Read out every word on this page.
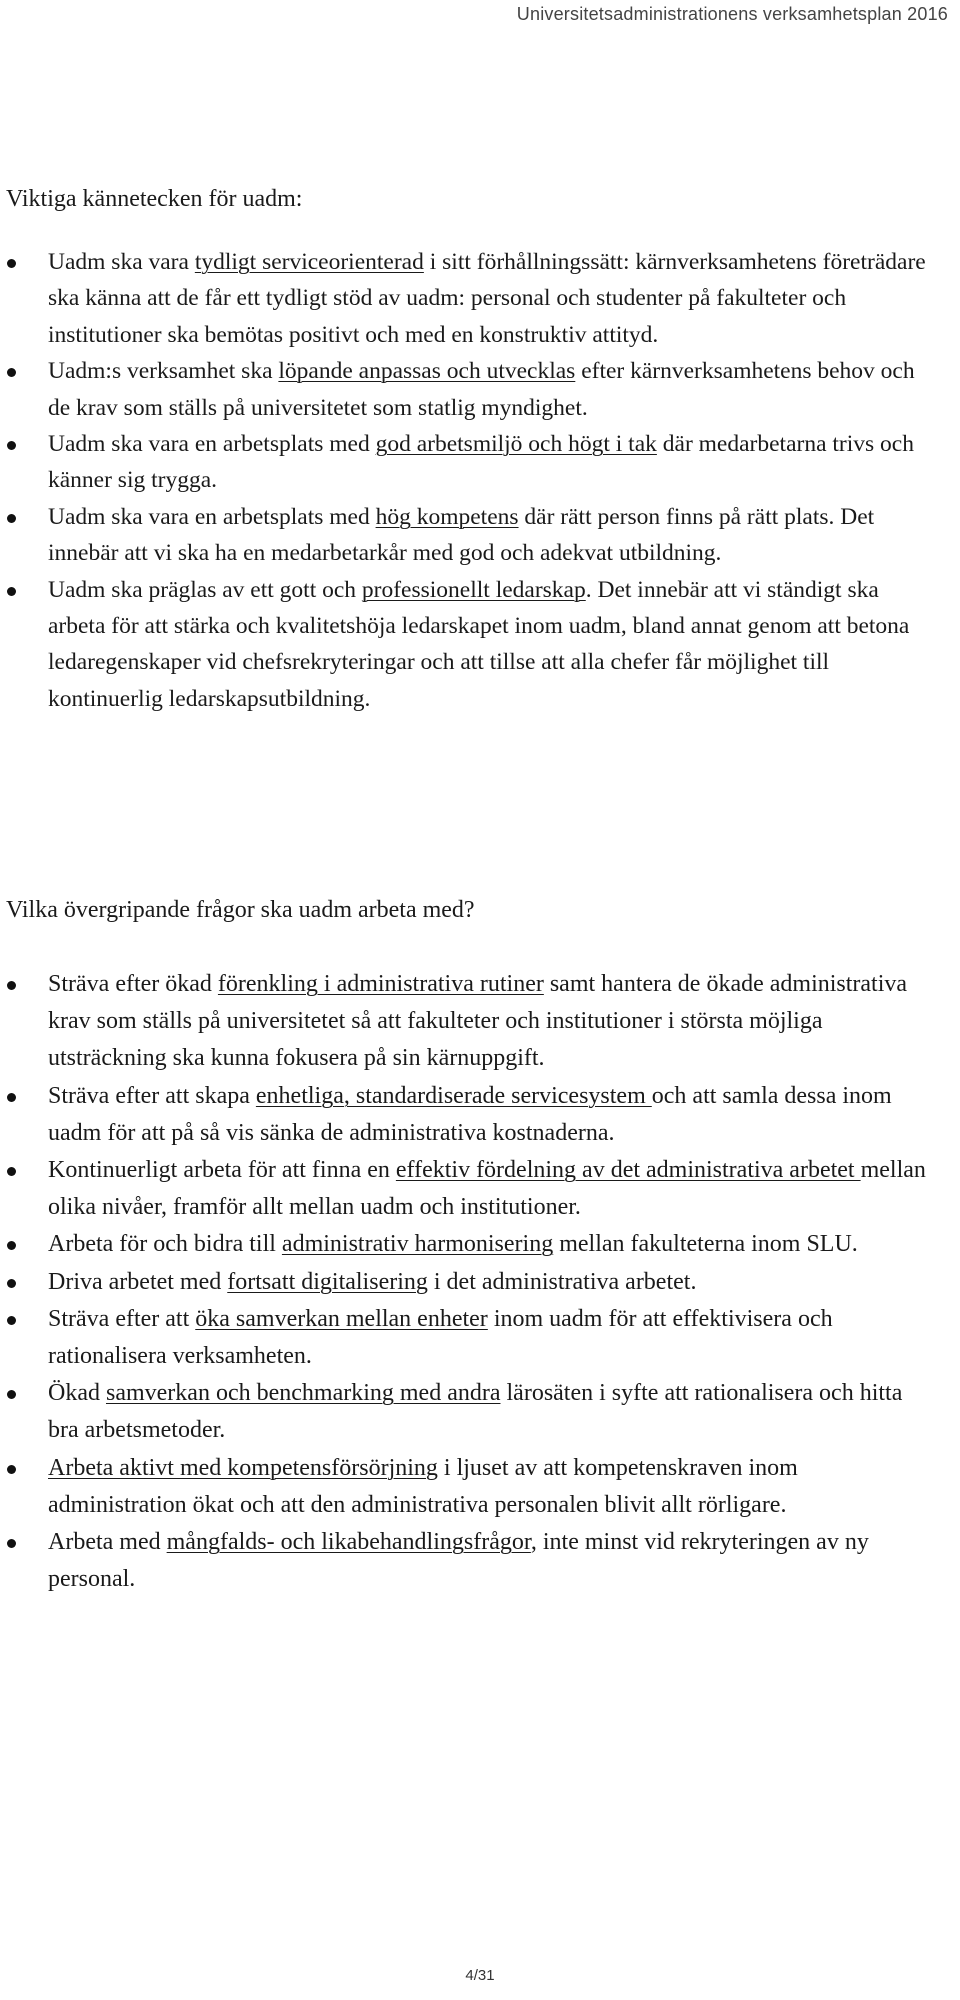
Universitetsadministrationens verksamhetsplan 2016
Viktiga kännetecken för uadm:
Uadm ska vara tydligt serviceorienterad i sitt förhållningssätt: kärnverksamhetens företrädare ska känna att de får ett tydligt stöd av uadm: personal och studenter på fakulteter och institutioner ska bemötas positivt och med en konstruktiv attityd.
Uadm:s verksamhet ska löpande anpassas och utvecklas efter kärnverksamhetens behov och de krav som ställs på universitetet som statlig myndighet.
Uadm ska vara en arbetsplats med god arbetsmiljö och högt i tak där medarbetarna trivs och känner sig trygga.
Uadm ska vara en arbetsplats med hög kompetens där rätt person finns på rätt plats. Det innebär att vi ska ha en medarbetarkår med god och adekvat utbildning.
Uadm ska präglas av ett gott och professionellt ledarskap. Det innebär att vi ständigt ska arbeta för att stärka och kvalitetshöja ledarskapet inom uadm, bland annat genom att betona ledaregenskaper vid chefsrekryteringar och att tillse att alla chefer får möjlighet till kontinuerlig ledarskapsutbildning.
Vilka övergripande frågor ska uadm arbeta med?
Sträva efter ökad förenkling i administrativa rutiner samt hantera de ökade administrativa krav som ställs på universitetet så att fakulteter och institutioner i största möjliga utsträckning ska kunna fokusera på sin kärnuppgift.
Sträva efter att skapa enhetliga, standardiserade servicesystem och att samla dessa inom uadm för att på så vis sänka de administrativa kostnaderna.
Kontinuerligt arbeta för att finna en effektiv fördelning av det administrativa arbetet mellan olika nivåer, framför allt mellan uadm och institutioner.
Arbeta för och bidra till administrativ harmonisering mellan fakulteterna inom SLU.
Driva arbetet med fortsatt digitalisering i det administrativa arbetet.
Sträva efter att öka samverkan mellan enheter inom uadm för att effektivisera och rationalisera verksamheten.
Ökad samverkan och benchmarking med andra lärosäten i syfte att rationalisera och hitta bra arbetsmetoder.
Arbeta aktivt med kompetensförsörjning i ljuset av att kompetenskraven inom administration ökat och att den administrativa personalen blivit allt rörligare.
Arbeta med mångfalds- och likabehandlingsfrågor, inte minst vid rekryteringen av ny personal.
4/31
